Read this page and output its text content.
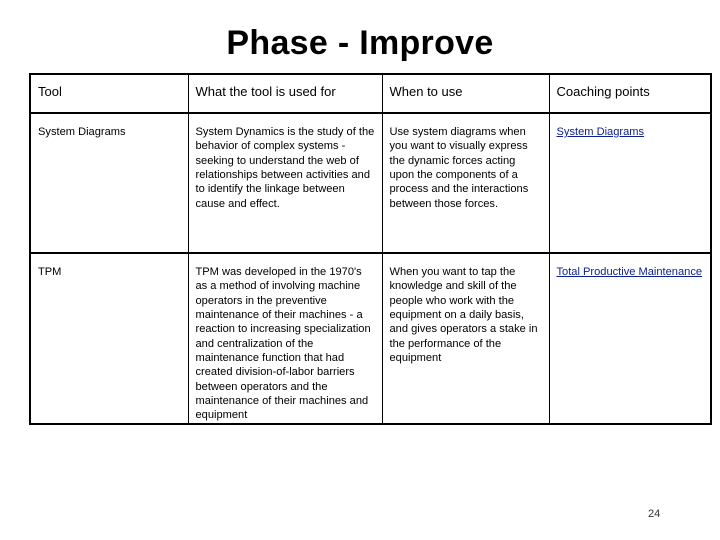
Phase - Improve
Tool	What the tool is used for	When to use	Coaching points
System Diagrams	System Dynamics is the study of the behavior of complex systems - seeking to understand the web of relationships between activities and to identify the linkage between cause and effect.	Use system diagrams when you want to visually express the dynamic forces acting upon the components of a process and the interactions between those forces.	System Diagrams
TPM	TPM was developed in the 1970's as a method of involving machine operators in the preventive maintenance of their machines - a reaction to increasing specialization and centralization of the maintenance function that had created division-of-labor barriers between operators and the maintenance of their machines and equipment	When you want to tap the knowledge and skill of the people who work with the equipment on a daily basis, and gives operators a stake in the performance of the equipment	Total Productive Maintenance
24
